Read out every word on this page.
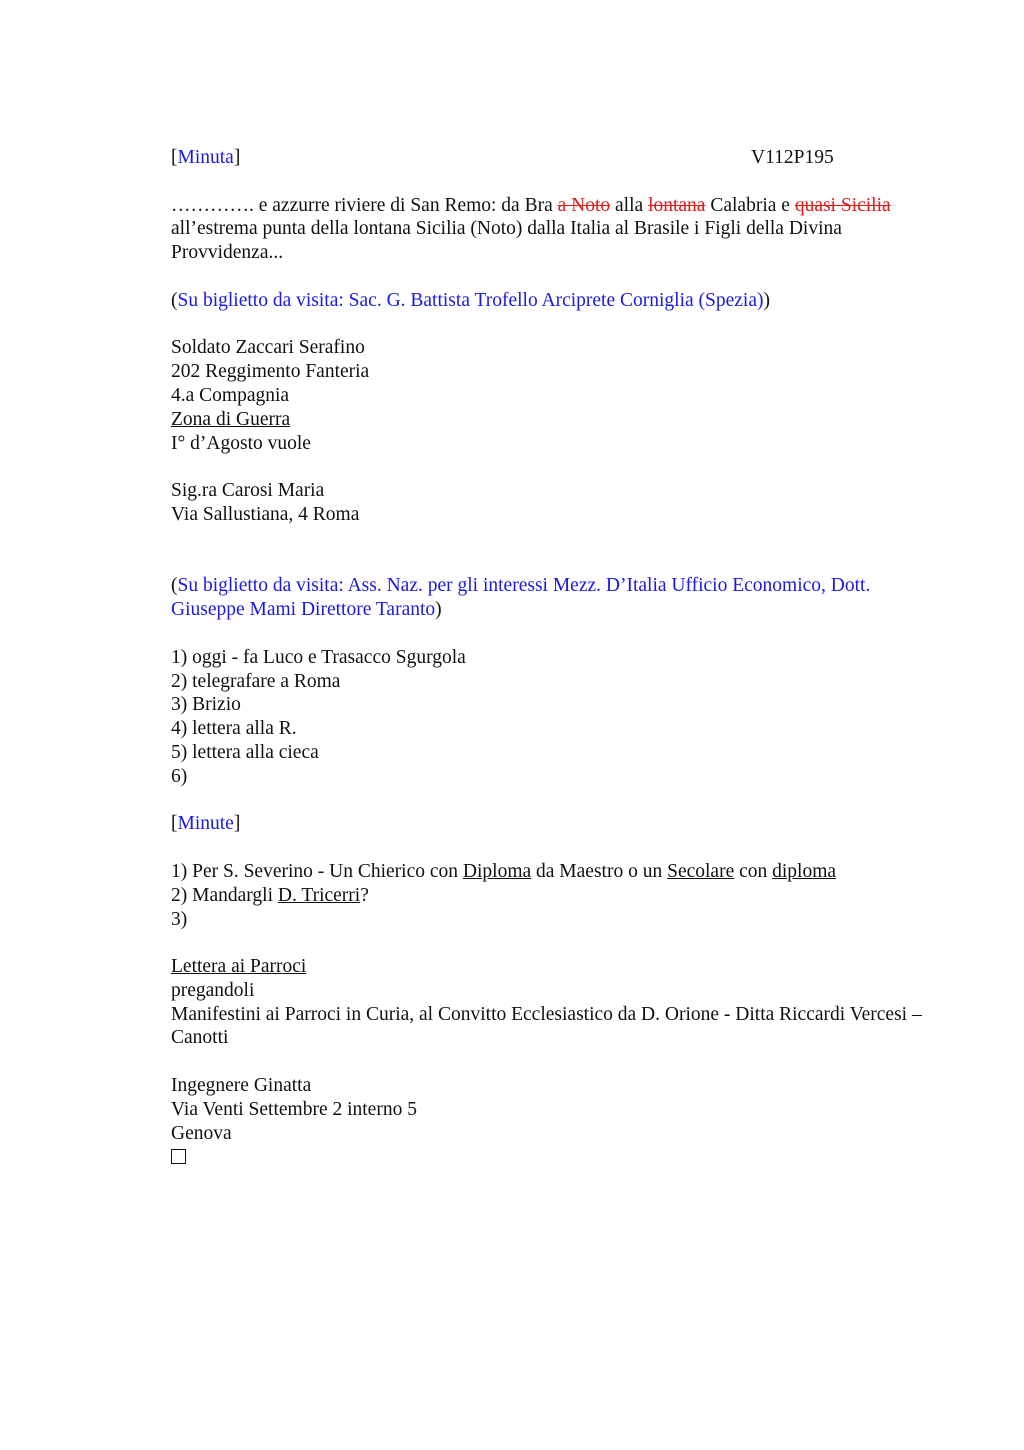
V112P195
[Minuta]
…………. e azzurre riviere di San Remo: da Bra a Noto alla lontana Calabria e quasi Sicilia all’estrema punta della lontana Sicilia (Noto) dalla Italia al Brasile i Figli della Divina Provvidenza...
(Su biglietto da visita: Sac. G. Battista Trofello Arciprete Corniglia (Spezia))
Soldato Zaccari Serafino
202 Reggimento Fanteria
4.a Compagnia
Zona di Guerra
I° d’Agosto vuole
Sig.ra Carosi Maria
Via Sallustiana, 4 Roma
(Su biglietto da visita: Ass. Naz. per gli interessi Mezz. D’Italia Ufficio Economico, Dott. Giuseppe Mami Direttore Taranto)
1) oggi - fa Luco e Trasacco Sgurgola
2) telegrafare a Roma
3) Brizio
4) lettera alla R.
5) lettera alla cieca
6)
[Minute]
1) Per S. Severino - Un Chierico con Diploma da Maestro o un Secolare con diploma
2) Mandargli D. Tricerri?
3)
Lettera ai Parroci
pregandoli
Manifestini ai Parroci in Curia, al Convitto Ecclesiastico da D. Orione - Ditta Riccardi Vercesi – Canotti
Ingegnere Ginatta
Via Venti Settembre 2 interno 5
Genova
